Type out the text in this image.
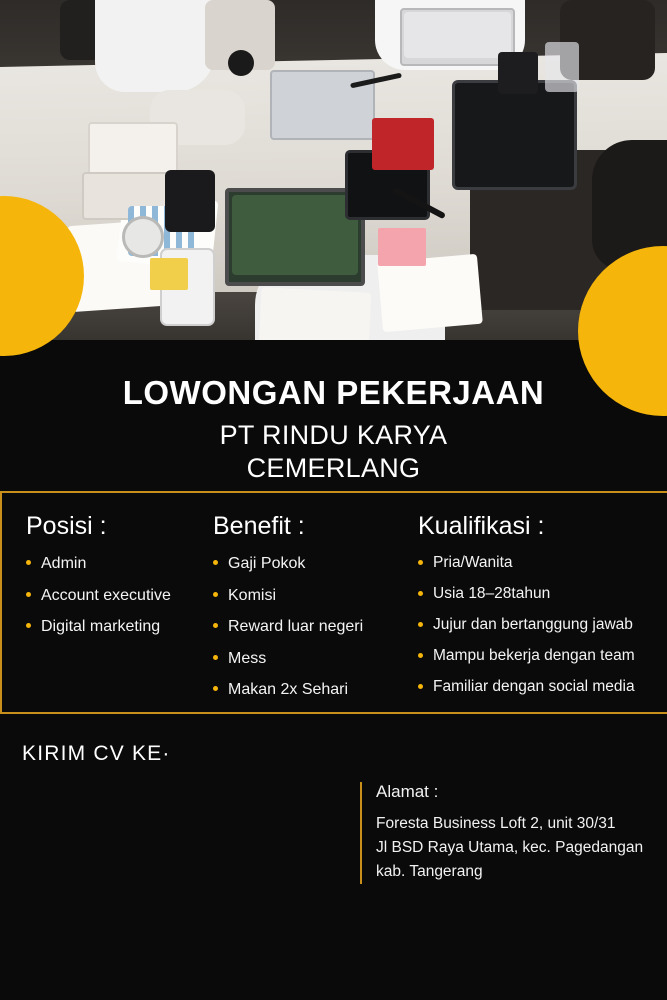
LOWONGAN PEKERJAAN
PT RINDU KARYA
CEMERLANG
Posisi :
Admin
Account executive
Digital marketing
Benefit :
Gaji Pokok
Komisi
Reward luar negeri
Mess
Makan 2x Sehari
Kualifikasi :
Pria/Wanita
Usia 18–28tahun
Jujur dan bertanggung jawab
Mampu bekerja dengan team
Familiar dengan social media
KIRIM CV KE·
Alamat :
Foresta Business Loft 2, unit 30/31
Jl BSD Raya Utama, kec. Pagedangan
kab. Tangerang
